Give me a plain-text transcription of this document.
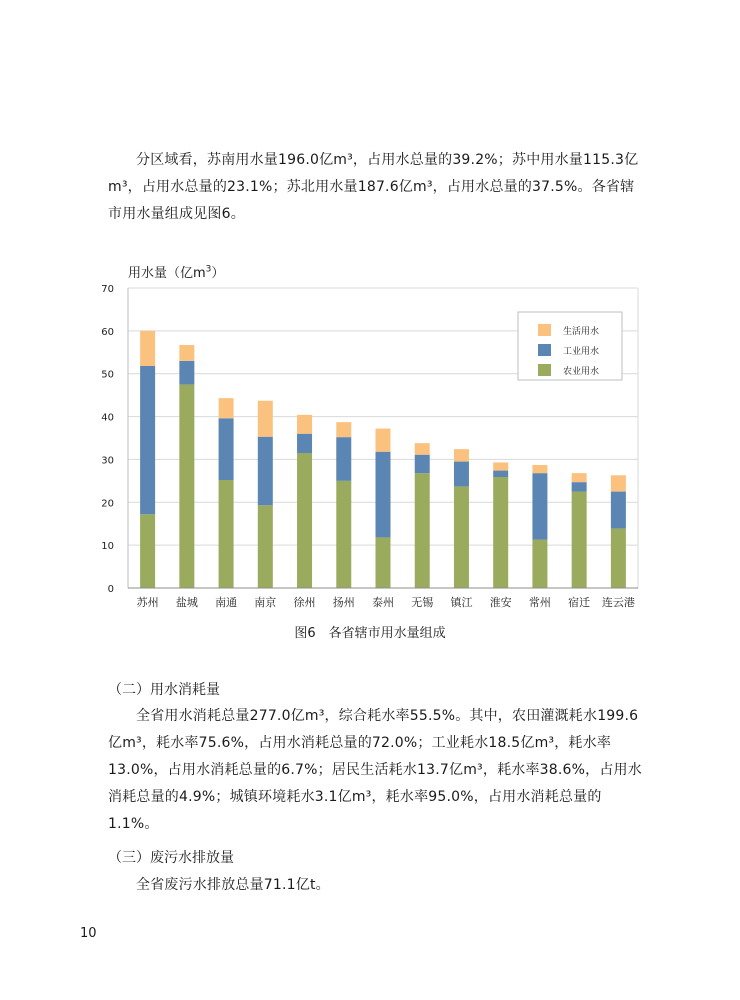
分区域看，苏南用水量196.0亿m³，占用水总量的39.2%；苏中用水量115.3亿m³，占用水总量的23.1%；苏北用水量187.6亿m³，占用水总量的37.5%。各省辖市用水量组成见图6。

用水量（亿$m^3$）
0
10
20
30
40
50
60
70
苏州 盐城 南通 南京 徐州 扬州 泰州 无锡 镇江 淮安 常州 宿迁 连云港
生活用水
工业用水
农业用水

图6　各省辖市用水量组成

（二）用水消耗量

全省用水消耗总量277.0亿m³，综合耗水率55.5%。其中，农田灌溉耗水199.6亿m³，耗水率75.6%，占用水消耗总量的72.0%；工业耗水18.5亿m³，耗水率13.0%，占用水消耗总量的6.7%；居民生活耗水13.7亿m³，耗水率38.6%，占用水消耗总量的4.9%；城镇环境耗水3.1亿m³，耗水率95.0%，占用水消耗总量的1.1%。

（三）废污水排放量

全省废污水排放总量71.1亿t。

10
